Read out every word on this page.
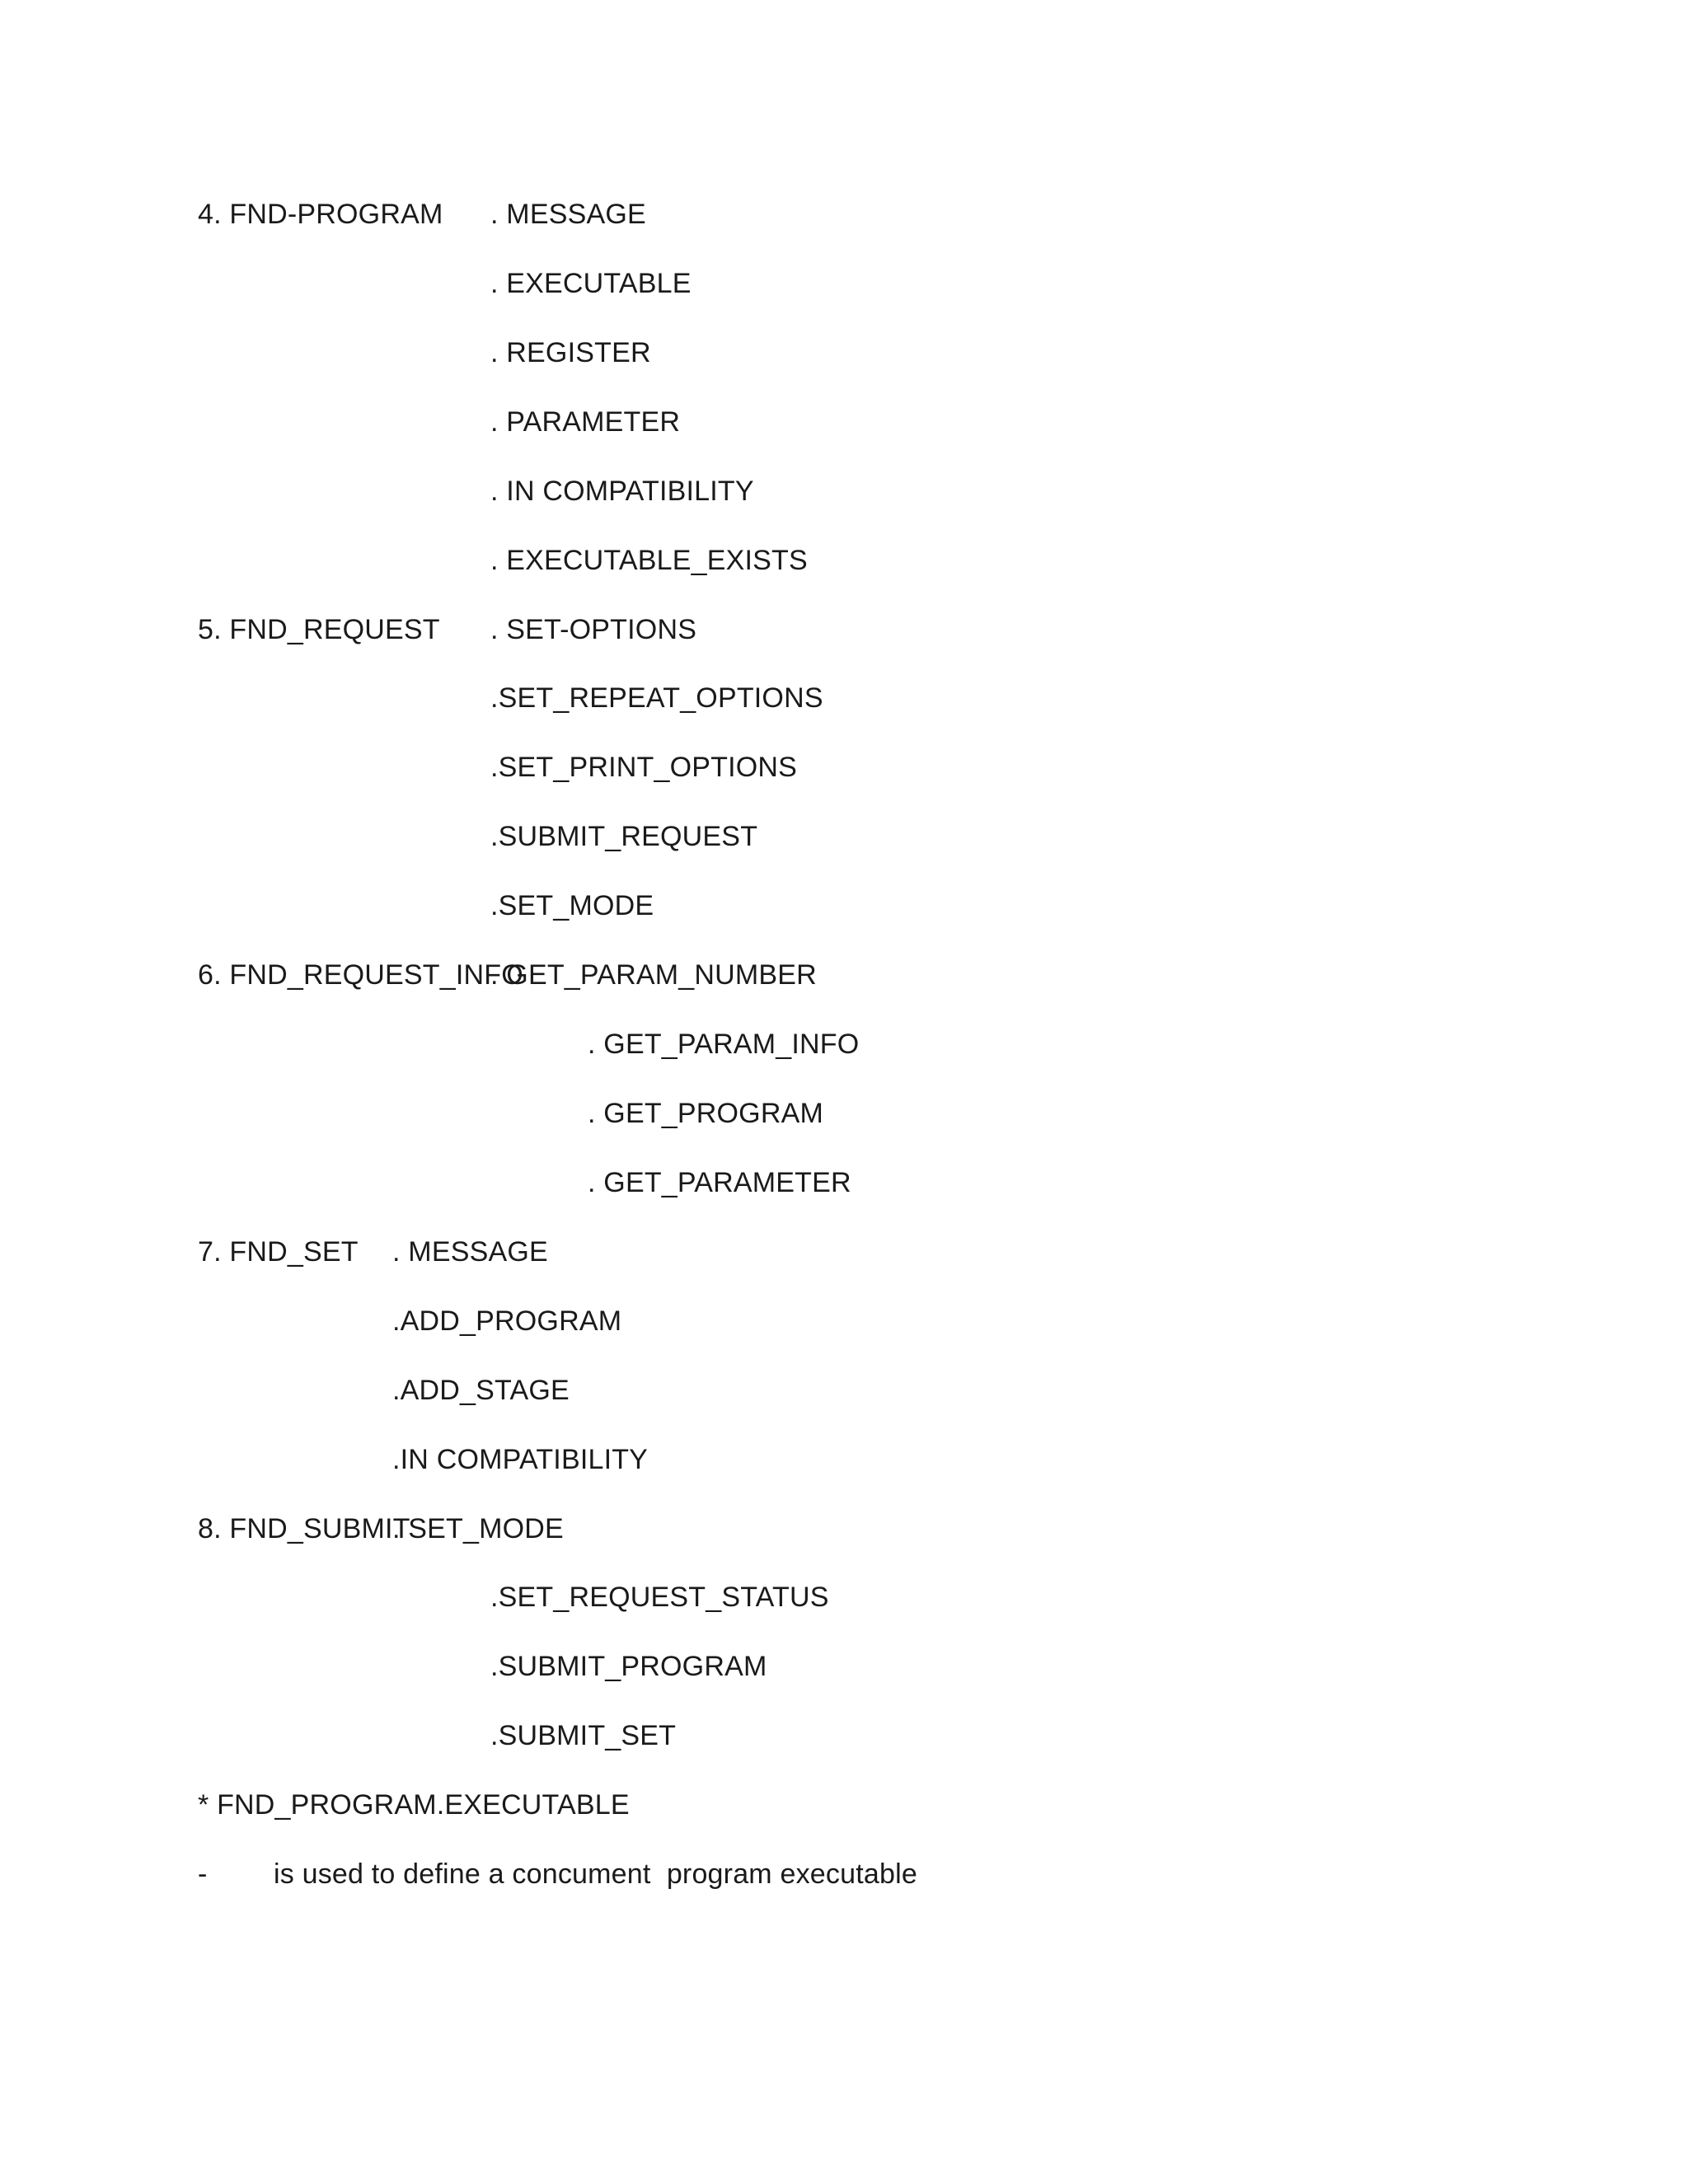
4. FND-PROGRAM . MESSAGE
. EXECUTABLE
. REGISTER
. PARAMETER
. IN COMPATIBILITY
. EXECUTABLE_EXISTS
5. FND_REQUEST . SET-OPTIONS
.SET_REPEAT_OPTIONS
.SET_PRINT_OPTIONS
.SUBMIT_REQUEST
.SET_MODE
6. FND_REQUEST_INFO
. GET_PARAM_NUMBER
. GET_PARAM_INFO
. GET_PROGRAM
. GET_PARAMETER
7. FND_SET . MESSAGE
.ADD_PROGRAM
.ADD_STAGE
.IN COMPATIBILITY
8. FND_SUBMIT
. SET_MODE
.SET_REQUEST_STATUS
.SUBMIT_PROGRAM
.SUBMIT_SET
* FND_PROGRAM.EXECUTABLE
- is used to define a concument  program executable
